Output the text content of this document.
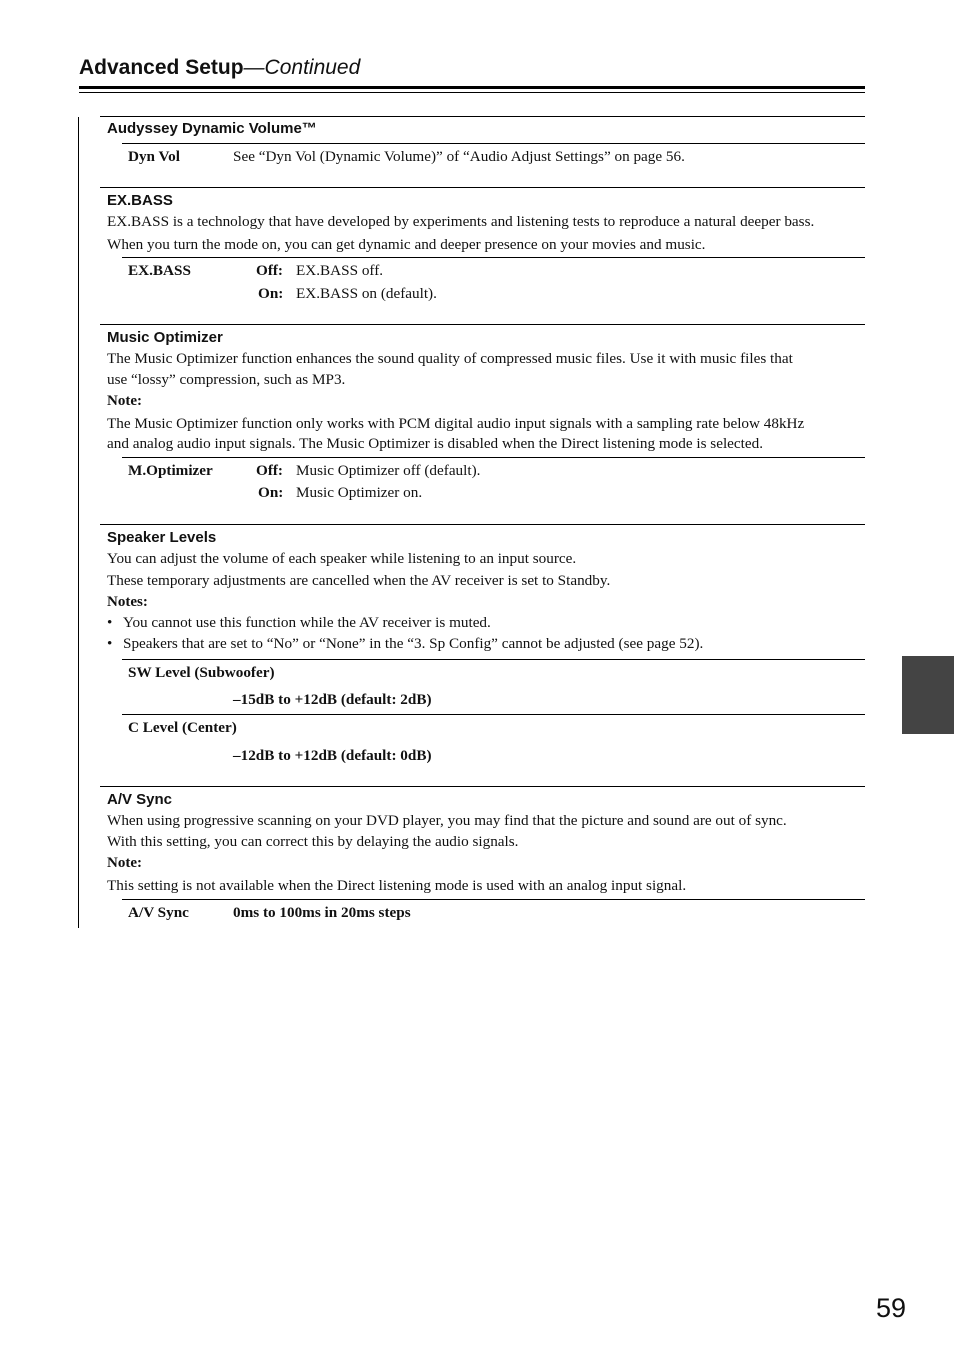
Advanced Setup—Continued
Audyssey Dynamic Volume™
Dyn Vol	See “Dyn Vol (Dynamic Volume)” of “Audio Adjust Settings” on page 56.
EX.BASS
EX.BASS is a technology that have developed by experiments and listening tests to reproduce a natural deeper bass.
When you turn the mode on, you can get dynamic and deeper presence on your movies and music.
EX.BASS	Off: EX.BASS off.
On: EX.BASS on (default).
Music Optimizer
The Music Optimizer function enhances the sound quality of compressed music files. Use it with music files that
use “lossy” compression, such as MP3.
Note:
The Music Optimizer function only works with PCM digital audio input signals with a sampling rate below 48kHz
and analog audio input signals. The Music Optimizer is disabled when the Direct listening mode is selected.
M.Optimizer	Off: Music Optimizer off (default).
On: Music Optimizer on.
Speaker Levels
You can adjust the volume of each speaker while listening to an input source.
These temporary adjustments are cancelled when the AV receiver is set to Standby.
Notes:
• You cannot use this function while the AV receiver is muted.
• Speakers that are set to “No” or “None” in the “3. Sp Config” cannot be adjusted (see page 52).
SW Level (Subwoofer)
–15dB to +12dB (default: 2dB)
C Level (Center)
–12dB to +12dB (default: 0dB)
A/V Sync
When using progressive scanning on your DVD player, you may find that the picture and sound are out of sync.
With this setting, you can correct this by delaying the audio signals.
Note:
This setting is not available when the Direct listening mode is used with an analog input signal.
A/V Sync	0ms to 100ms in 20ms steps
59
